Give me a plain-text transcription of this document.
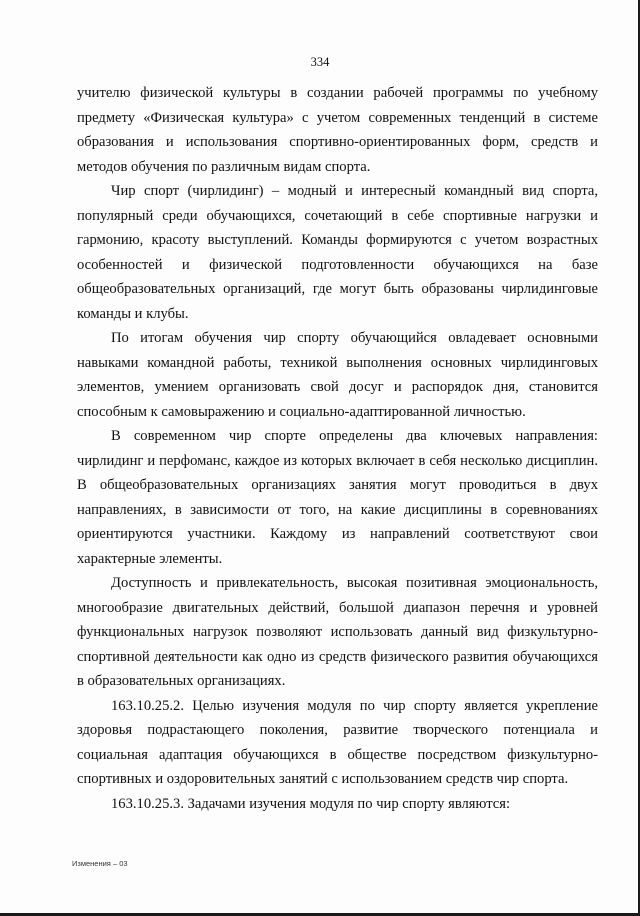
334

учителю физической культуры в создании рабочей программы по учебному предмету «Физическая культура» с учетом современных тенденций в системе образования и использования спортивно-ориентированных форм, средств и методов обучения по различным видам спорта.

Чир спорт (чирлидинг) – модный и интересный командный вид спорта, популярный среди обучающихся, сочетающий в себе спортивные нагрузки и гармонию, красоту выступлений. Команды формируются с учетом возрастных особенностей и физической подготовленности обучающихся на базе общеобразовательных организаций, где могут быть образованы чирлидинговые команды и клубы.

По итогам обучения чир спорту обучающийся овладевает основными навыками командной работы, техникой выполнения основных чирлидинговых элементов, умением организовать свой досуг и распорядок дня, становится способным к самовыражению и социально-адаптированной личностью.

В современном чир спорте определены два ключевых направления: чирлидинг и перфоманс, каждое из которых включает в себя несколько дисциплин. В общеобразовательных организациях занятия могут проводиться в двух направлениях, в зависимости от того, на какие дисциплины в соревнованиях ориентируются участники. Каждому из направлений соответствуют свои характерные элементы.

Доступность и привлекательность, высокая позитивная эмоциональность, многообразие двигательных действий, большой диапазон перечня и уровней функциональных нагрузок позволяют использовать данный вид физкультурно-спортивной деятельности как одно из средств физического развития обучающихся в образовательных организациях.

163.10.25.2. Целью изучения модуля по чир спорту является укрепление здоровья подрастающего поколения, развитие творческого потенциала и социальная адаптация обучающихся в обществе посредством физкультурно-спортивных и оздоровительных занятий с использованием средств чир спорта.

163.10.25.3. Задачами изучения модуля по чир спорту являются:

Изменения – 03
